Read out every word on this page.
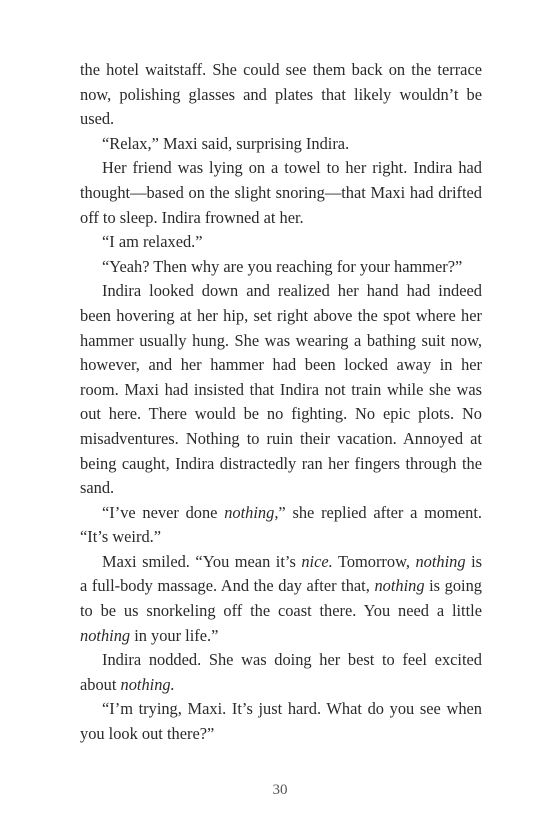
the hotel waitstaff. She could see them back on the terrace now, polishing glasses and plates that likely wouldn’t be used.

“Relax,” Maxi said, surprising Indira.

Her friend was lying on a towel to her right. Indira had thought—based on the slight snoring—that Maxi had drifted off to sleep. Indira frowned at her.

“I am relaxed.”

“Yeah? Then why are you reaching for your hammer?”

Indira looked down and realized her hand had indeed been hovering at her hip, set right above the spot where her hammer usually hung. She was wearing a bathing suit now, however, and her hammer had been locked away in her room. Maxi had insisted that Indira not train while she was out here. There would be no fighting. No epic plots. No misadventures. Nothing to ruin their vacation. Annoyed at being caught, Indira distractedly ran her fingers through the sand.

“I’ve never done nothing,” she replied after a moment. “It’s weird.”

Maxi smiled. “You mean it’s nice. Tomorrow, nothing is a full-body massage. And the day after that, nothing is going to be us snorkeling off the coast there. You need a little nothing in your life.”

Indira nodded. She was doing her best to feel excited about nothing.

“I’m trying, Maxi. It’s just hard. What do you see when you look out there?”

30
